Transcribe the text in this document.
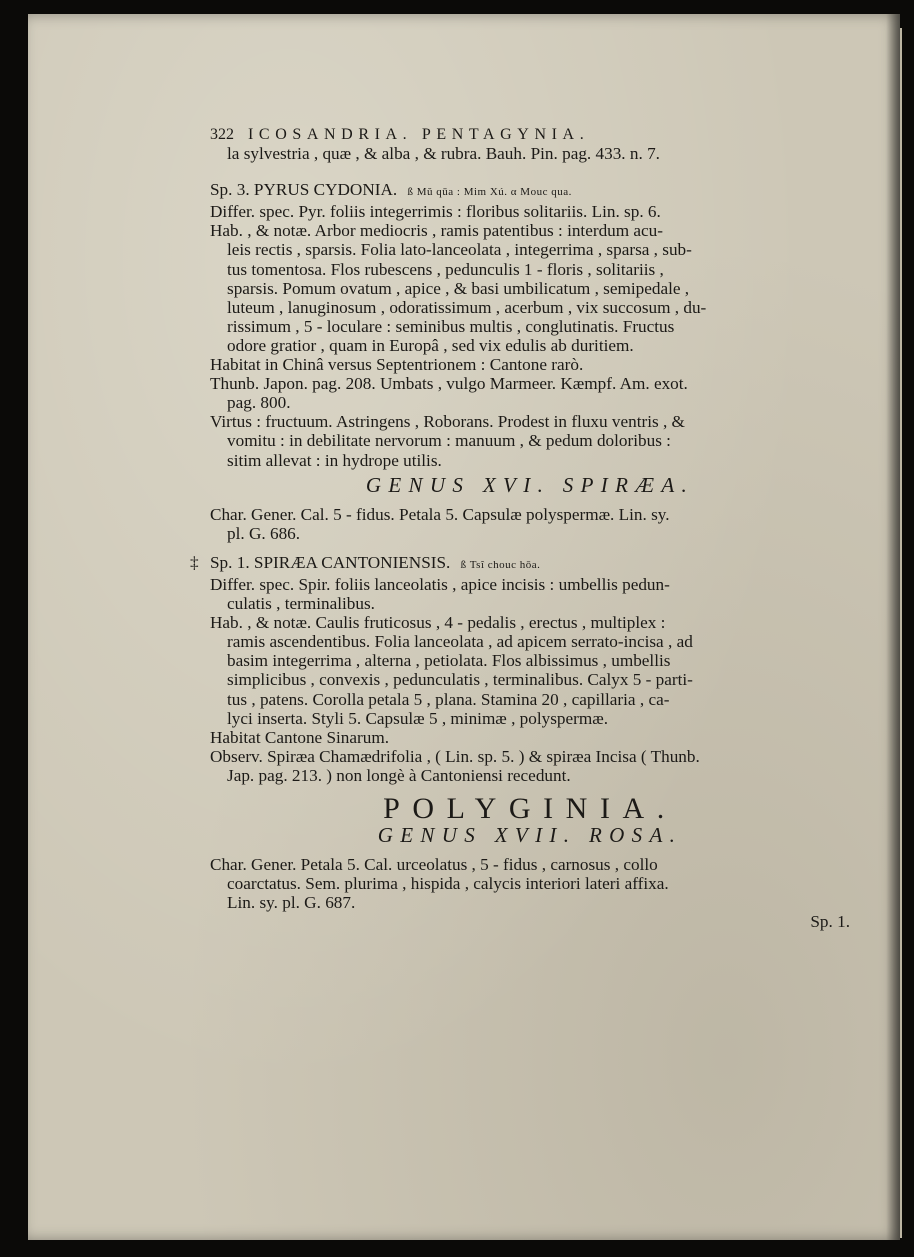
322 ICOSANDRIA. PENTAGYNIA.
la sylvestria , quæ , & alba , & rubra. Bauh. Pin. pag. 433. n. 7.
Sp. 3. PYRUS CYDONIA. ß Mŭ qūa : Mim Xú. α Mouc qua.
Differ. spec. Pyr. foliis integerrimis : floribus solitariis. Lin. sp. 6.
Hab. , & notæ. Arbor mediocris , ramis patentibus : interdum acu-
leis rectis , sparsis. Folia lato-lanceolata , integerrima , sparsa , sub-
tus tomentosa. Flos rubescens , pedunculis 1 - floris , solitariis ,
sparsis. Pomum ovatum , apice , & basi umbilicatum , semipedale ,
luteum , lanuginosum , odoratissimum , acerbum , vix succosum , du-
rissimum , 5 - loculare : seminibus multis , conglutinatis. Fructus
odore gratior , quam in Europâ , sed vix edulis ab duritiem.
Habitat in Chinâ versus Septentrionem : Cantone rarò.
Thunb. Japon. pag. 208. Umbats , vulgo Marmeer. Kæmpf. Am. exot.
pag. 800.
Virtus : fructuum. Astringens , Roborans. Prodest in fluxu ventris , &
vomitu : in debilitate nervorum : manuum , & pedum doloribus :
sitim allevat : in hydrope utilis.
GENUS XVI. SPIRÆA.
Char. Gener. Cal. 5 - fidus. Petala 5. Capsulæ polyspermæ. Lin. sy.
pl. G. 686.
‡ Sp. 1. SPIRÆA CANTONIENSIS. ß Tsî chouc hōa.
Differ. spec. Spir. foliis lanceolatis , apice incisis : umbellis pedun-
culatis , terminalibus.
Hab. , & notæ. Caulis fruticosus , 4 - pedalis , erectus , multiplex :
ramis ascendentibus. Folia lanceolata , ad apicem serrato-incisa , ad
basim integerrima , alterna , petiolata. Flos albissimus , umbellis
simplicibus , convexis , pedunculatis , terminalibus. Calyx 5 - parti-
tus , patens. Corolla petala 5 , plana. Stamina 20 , capillaria , ca-
lyci inserta. Styli 5. Capsulæ 5 , minimæ , polyspermæ.
Habitat Cantone Sinarum.
Observ. Spiræa Chamædrifolia , ( Lin. sp. 5. ) & spiræa Incisa ( Thunb.
Jap. pag. 213. ) non longè à Cantoniensi recedunt.
POLYGINIA.
GENUS XVII. ROSA.
Char. Gener. Petala 5. Cal. urceolatus , 5 - fidus , carnosus , collo
coarctatus. Sem. plurima , hispida , calycis interiori lateri affixa.
Lin. sy. pl. G. 687.
Sp. 1.
